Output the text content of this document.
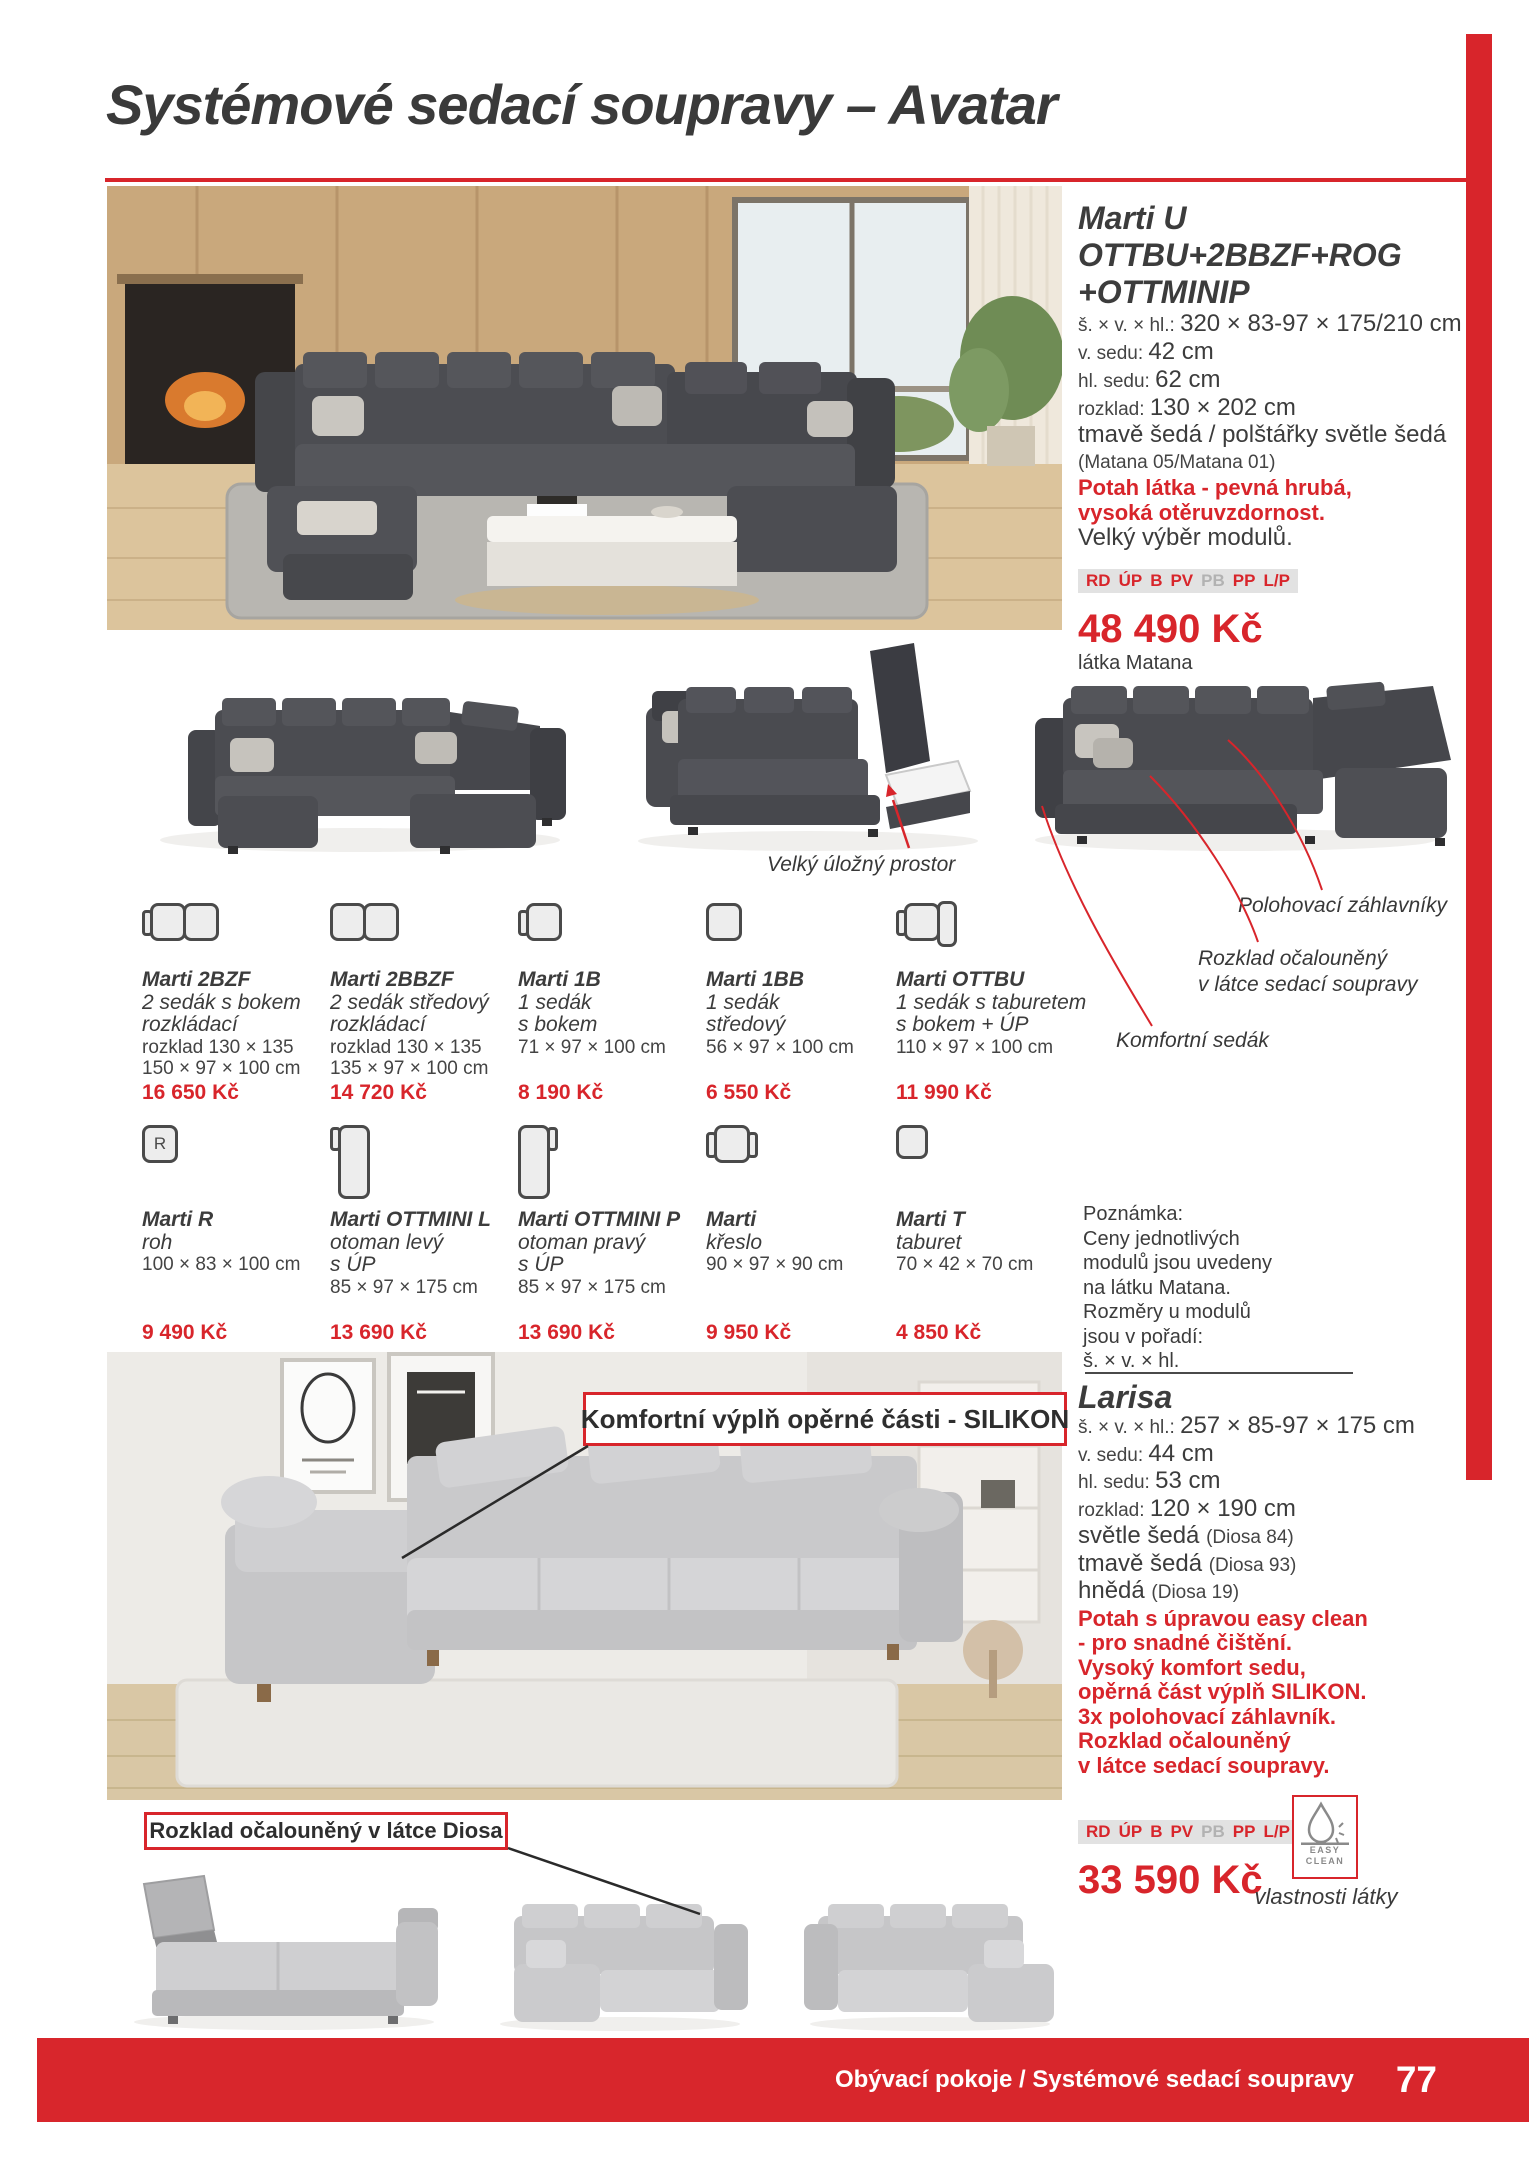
Systémové sedací soupravy – Avatar
Marti U
OTTBU+2BBZF+ROG
+OTTMINIP
š. × v. × hl.: 320 × 83-97 × 175/210 cm
v. sedu: 42 cm
hl. sedu: 62 cm
rozklad: 130 × 202 cm
tmavě šedá / polštářky světle šedá
(Matana 05/Matana 01)
Potah látka - pevná hrubá,
vysoká otěruvzdornost.
Velký výběr modulů.
RD ÚP B PV PB PP L/P
48 490 Kč
látka Matana
Velký úložný prostor
Polohovací záhlavníky
Rozklad očalouněný
v látce sedací soupravy
Komfortní sedák
Marti 2BZF
2 sedák s bokem
rozkládací
rozklad 130 × 135
150 × 97 × 100 cm
16 650 Kč
Marti 2BBZF
2 sedák středový
rozkládací
rozklad 130 × 135
135 × 97 × 100 cm
14 720 Kč
Marti 1B
1 sedák
s bokem
71 × 97 × 100 cm
8 190 Kč
Marti 1BB
1 sedák
středový
56 × 97 × 100 cm
6 550 Kč
Marti OTTBU
1 sedák s taburetem
s bokem + ÚP
110 × 97 × 100 cm
11 990 Kč
R
Marti R
roh
100 × 83 × 100 cm
9 490 Kč
Marti OTTMINI L
otoman levý
s ÚP
85 × 97 × 175 cm
13 690 Kč
Marti OTTMINI P
otoman pravý
s ÚP
85 × 97 × 175 cm
13 690 Kč
Marti
křeslo
90 × 97 × 90 cm
9 950 Kč
Marti T
taburet
70 × 42 × 70 cm
4 850 Kč
Poznámka:
Ceny jednotlivých
modulů jsou uvedeny
na látku Matana.
Rozměry u modulů
jsou v pořadí:
š. × v. × hl.
Komfortní výplň opěrné části - SILIKON
Rozklad očalouněný v látce Diosa
Larisa
š. × v. × hl.: 257 × 85-97 × 175 cm
v. sedu: 44 cm
hl. sedu: 53 cm
rozklad: 120 × 190 cm
světle šedá (Diosa 84)
tmavě šedá (Diosa 93)
hnědá (Diosa 19)
Potah s úpravou easy clean
- pro snadné čištění.
Vysoký komfort sedu,
opěrná část výplň SILIKON.
3x polohovací záhlavník.
Rozklad očalouněný
v látce sedací soupravy.
RD ÚP B PV PB PP L/P
33 590 Kč
EASY
CLEAN
vlastnosti látky
Obývací pokoje / Systémové sedací soupravy 77
